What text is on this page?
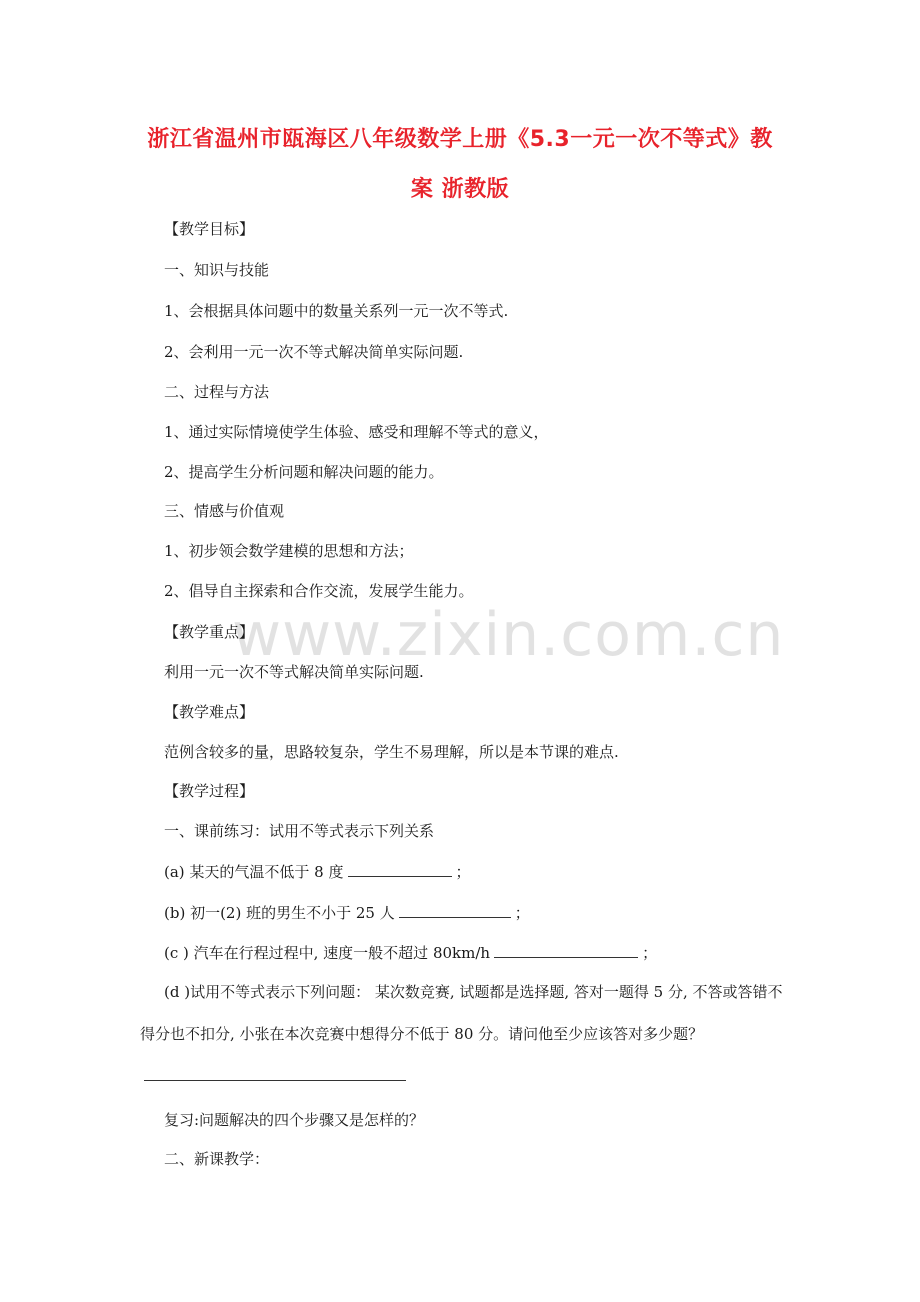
www.zixin.com.cn
浙江省温州市瓯海区八年级数学上册《5.3一元一次不等式》教
案 浙教版
【教学目标】
一、知识与技能
1、会根据具体问题中的数量关系列一元一次不等式.
2、会利用一元一次不等式解决简单实际问题.
二、过程与方法
1、通过实际情境使学生体验、感受和理解不等式的意义，
2、提高学生分析问题和解决问题的能力。
三、情感与价值观
1、初步领会数学建模的思想和方法；
2、倡导自主探索和合作交流，发展学生能力。
【教学重点】
利用一元一次不等式解决简单实际问题.
【教学难点】
范例含较多的量，思路较复杂，学生不易理解，所以是本节课的难点.
【教学过程】
一、课前练习：试用不等式表示下列关系
(a) 某天的气温不低于 8 度	；
(b) 初一(2) 班的男生不小于 25 人	；
(c ) 汽车在行程过程中, 速度一般不超过 80km/h	；
(d )试用不等式表示下列问题： 某次数竞赛, 试题都是选择题, 答对一题得 5 分, 不答或答错不得分也不扣分, 小张在本次竞赛中想得分不低于 80 分。请问他至少应该答对多少题？
复习:问题解决的四个步骤又是怎样的？
二、新课教学：
